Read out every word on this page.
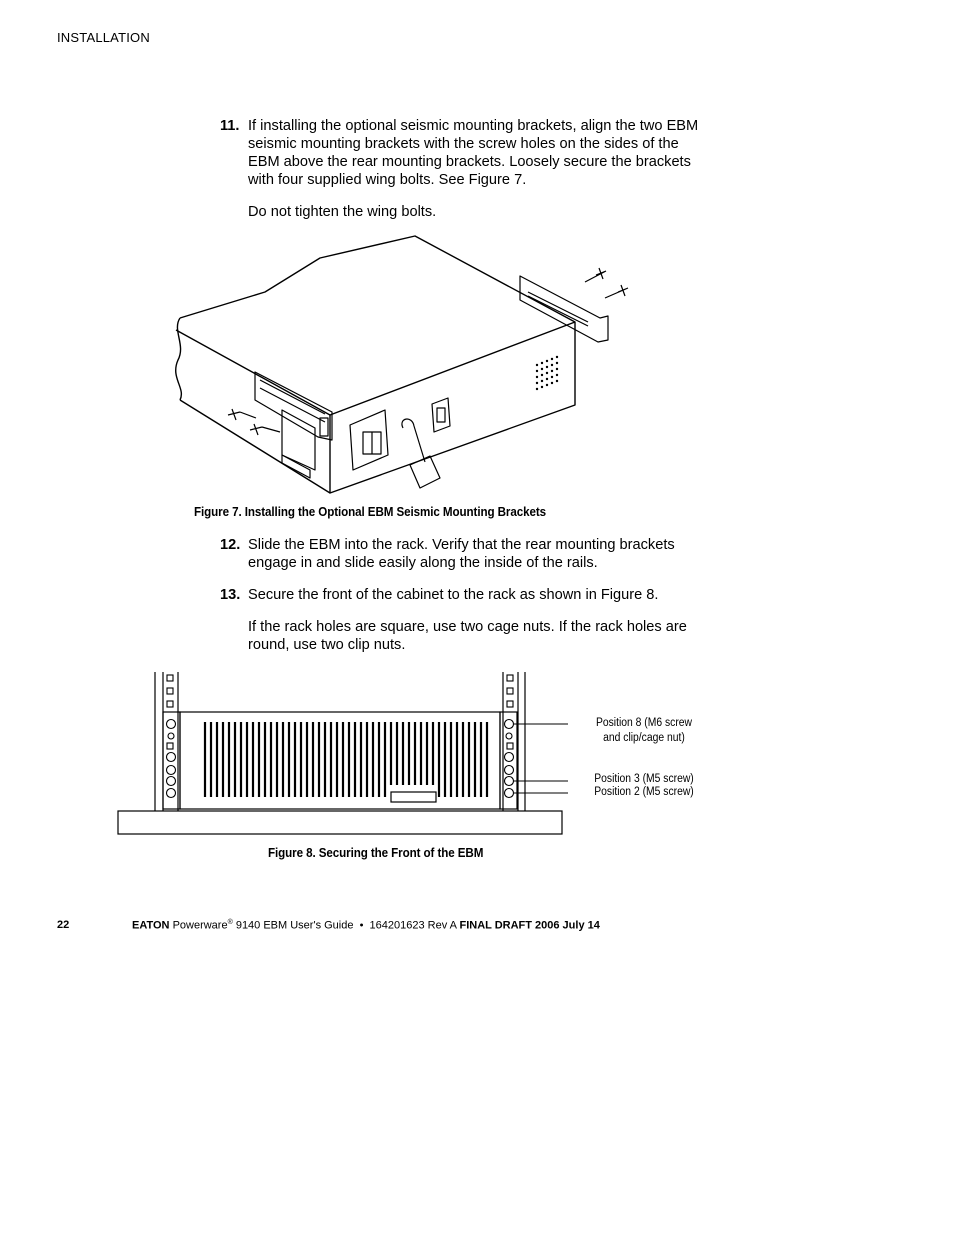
INSTALLATION
11. If installing the optional seismic mounting brackets, align the two EBM seismic mounting brackets with the screw holes on the sides of the EBM above the rear mounting brackets. Loosely secure the brackets with four supplied wing bolts. See Figure 7.
Do not tighten the wing bolts.
Figure 7. Installing the Optional EBM Seismic Mounting Brackets
12. Slide the EBM into the rack. Verify that the rear mounting brackets engage in and slide easily along the inside of the rails.
13. Secure the front of the cabinet to the rack as shown in Figure 8.
If the rack holes are square, use two cage nuts. If the rack holes are round, use two clip nuts.
Position 8 (M6 screw
and clip/cage nut)
Position 3 (M5 screw)
Position 2 (M5 screw)
Figure 8. Securing the Front of the EBM
22	EATON Powerware® 9140 EBM User's Guide  •  164201623 Rev A FINAL DRAFT 2006 July 14
